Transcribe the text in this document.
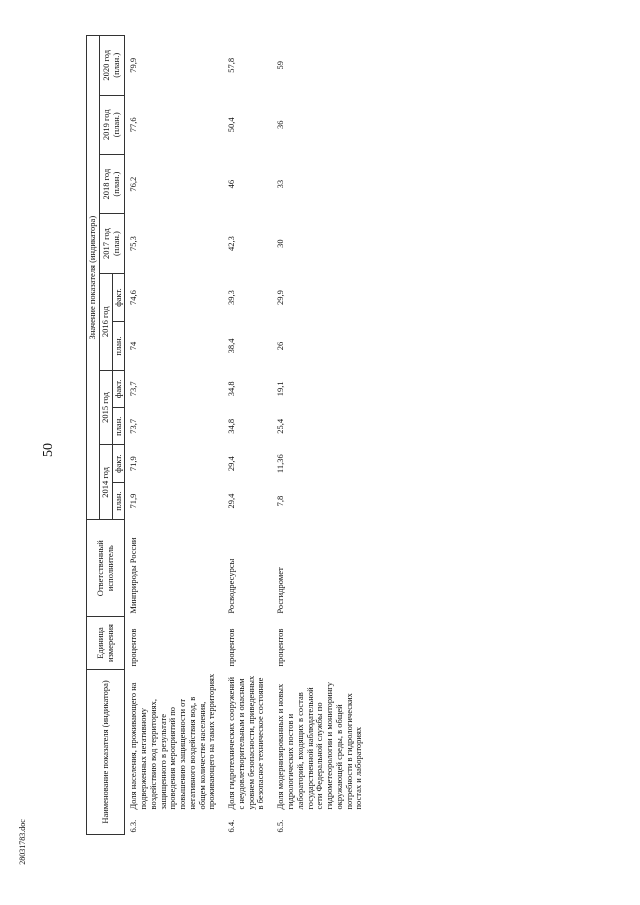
50
28031783.doc
Наименование показателя (индикатора)		Единица измерения	Ответственный исполнитель	Значение показателя (индикатора)									
				2014 год		2015 год		2016 год		2017 год (план.)	2018 год (план.)	2019 год (план.)	2020 год (план.)
				план.	факт.	план.	факт.	план.	факт.				
6.3.	Доля населения, проживающего на подверженных негативному воздействию вод территориях, защищенного в результате проведения мероприятий по повышению защищенности от негативного воздействия вод, в общем количестве населения, проживающего на таких территориях	процентов	Минприроды России	71,9	71,9	73,7	73,7	74	74,6	75,3	76,2	77,6	79,9
6.4.	Доля гидротехнических сооружений с неудовлетворительным и опасным уровнем безопасности, приведенных в безопасное техническое состояние	процентов	Росводресурсы	29,4	29,4	34,8	34,8	38,4	39,3	42,3	46	50,4	57,8
6.5.	Доля модернизированных и новых гидрологических постов и лабораторий, входящих в состав государственной наблюдательной сети Федеральной службы по гидрометеорологии и мониторингу окружающей среды, в общей потребности в гидрологических постах и лабораториях	процентов	Росгидромет	7,8	11,36	25,4	19,1	26	29,9	30	33	36	59
